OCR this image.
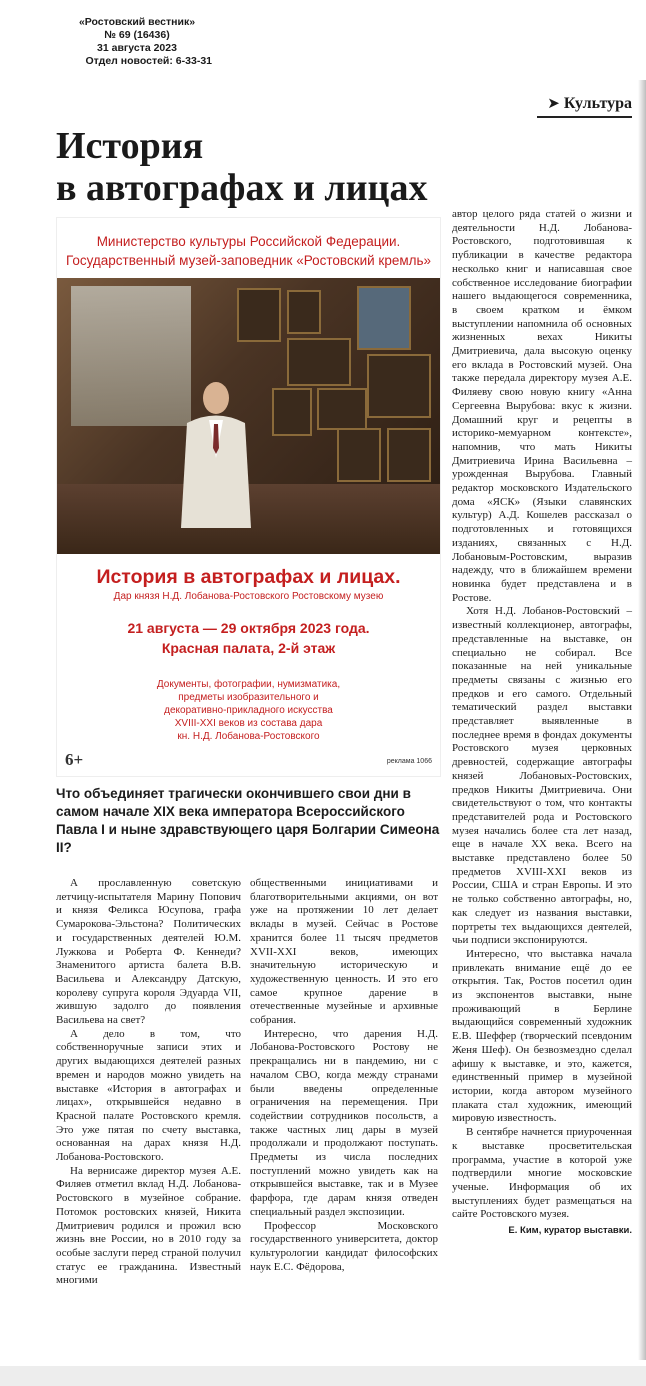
«Ростовский вестник»
№ 69 (16436)
31 августа 2023
Отдел новостей: 6-33-31
➤ Культура
История
в автографах и лицах
Министерство культуры Российской Федерации.
Государственный музей-заповедник «Ростовский кремль»
История в автографах и лицах.
Дар князя Н.Д. Лобанова-Ростовского Ростовскому музею
21 августа — 29 октября 2023 года.
Красная палата, 2-й этаж
Документы, фотографии, нумизматика,
предметы изобразительного и
декоративно-прикладного искусства
XVIII-XXI веков из состава дара
кн. Н.Д. Лобанова-Ростовского
6+	реклама 1066
Что объединяет трагически окончившего свои дни в самом начале XIX века императора Всероссийского Павла I и ныне здравствующего царя Болгарии Симеона II?

А прославленную советскую летчицу-испытателя Марину Попович и князя Феликса Юсупова, графа Сумарокова-Эльстона? Политических и государственных деятелей Ю.М. Лужкова и Роберта Ф. Кеннеди? Знаменитого артиста балета В.В. Васильева и Александру Датскую, королеву супруга короля Эдуарда VII, жившую задолго до появления Васильева на свет?

А дело в том, что собственноручные записи этих и других выдающихся деятелей разных времен и народов можно увидеть на выставке «История в автографах и лицах», открывшейся недавно в Красной палате Ростовского кремля. Это уже пятая по счету выставка, основанная на дарах князя Н.Д. Лобанова-Ростовского.

На вернисаже директор музея А.Е. Филяев отметил вклад Н.Д. Лобанова-Ростовского в музейное собрание. Потомок ростовских князей, Никита Дмитриевич родился и прожил всю жизнь вне России, но в 2010 году за особые заслуги перед страной получил статус ее гражданина. Известный многими

общественными инициативами и благотворительными акциями, он вот уже на протяжении 10 лет делает вклады в музей. Сейчас в Ростове хранится более 11 тысяч предметов XVII-XXI веков, имеющих значительную историческую и художественную ценность. И это его самое крупное дарение в отечественные музейные и архивные собрания.

Интересно, что дарения Н.Д. Лобанова-Ростовского Ростову не прекращались ни в пандемию, ни с началом СВО, когда между странами были введены определенные ограничения на перемещения. При содействии сотрудников посольств, а также частных лиц дары в музей продолжали и продолжают поступать. Предметы из числа последних поступлений можно увидеть как на открывшейся выставке, так и в Музее фарфора, где дарам князя отведен специальный раздел экспозиции.

Профессор Московского государственного университета, доктор культурологии кандидат философских наук Е.С. Фёдорова,

автор целого ряда статей о жизни и деятельности Н.Д. Лобанова-Ростовского, подготовившая к публикации в качестве редактора несколько книг и написавшая свое собственное исследование биографии нашего выдающегося современника, в своем кратком и ёмком выступлении напомнила об основных жизненных вехах Никиты Дмитриевича, дала высокую оценку его вклада в Ростовский музей. Она также передала директору музея А.Е. Филяеву свою новую книгу «Анна Сергеевна Вырубова: вкус к жизни. Домашний круг и рецепты в историко-мемуарном контексте», напомнив, что мать Никиты Дмитриевича Ирина Васильевна – урожденная Вырубова. Главный редактор московского Издательского дома «ЯСК» (Языки славянских культур) А.Д. Кошелев рассказал о подготовленных и готовящихся изданиях, связанных с Н.Д. Лобановым-Ростовским, выразив надежду, что в ближайшем времени новинка будет представлена и в Ростове.

Хотя Н.Д. Лобанов-Ростовский – известный коллекционер, автографы, представленные на выставке, он специально не собирал. Все показанные на ней уникальные предметы связаны с жизнью его предков и его самого. Отдельный тематический раздел выставки представляет выявленные в последнее время в фондах документы Ростовского музея церковных древностей, содержащие автографы князей Лобановых-Ростовских, предков Никиты Дмитриевича. Они свидетельствуют о том, что контакты представителей рода и Ростовского музея начались более ста лет назад, еще в начале XX века. Всего на выставке представлено более 50 предметов XVIII-XXI веков из России, США и стран Европы. И это не только собственно автографы, но, как следует из названия выставки, портреты тех выдающихся деятелей, чьи подписи экспонируются.

Интересно, что выставка начала привлекать внимание ещё до ее открытия. Так, Ростов посетил один из экспонентов выставки, ныне проживающий в Берлине выдающийся современный художник Е.В. Шеффер (творческий псевдоним Женя Шеф). Он безвозмездно сделал афишу к выставке, и это, кажется, единственный пример в музейной истории, когда автором музейного плаката стал художник, имеющий мировую известность.

В сентябре начнется приуроченная к выставке просветительская программа, участие в которой уже подтвердили многие московские ученые. Информация об их выступлениях будет размещаться на сайте Ростовского музея.

Е. Ким, куратор выставки.
